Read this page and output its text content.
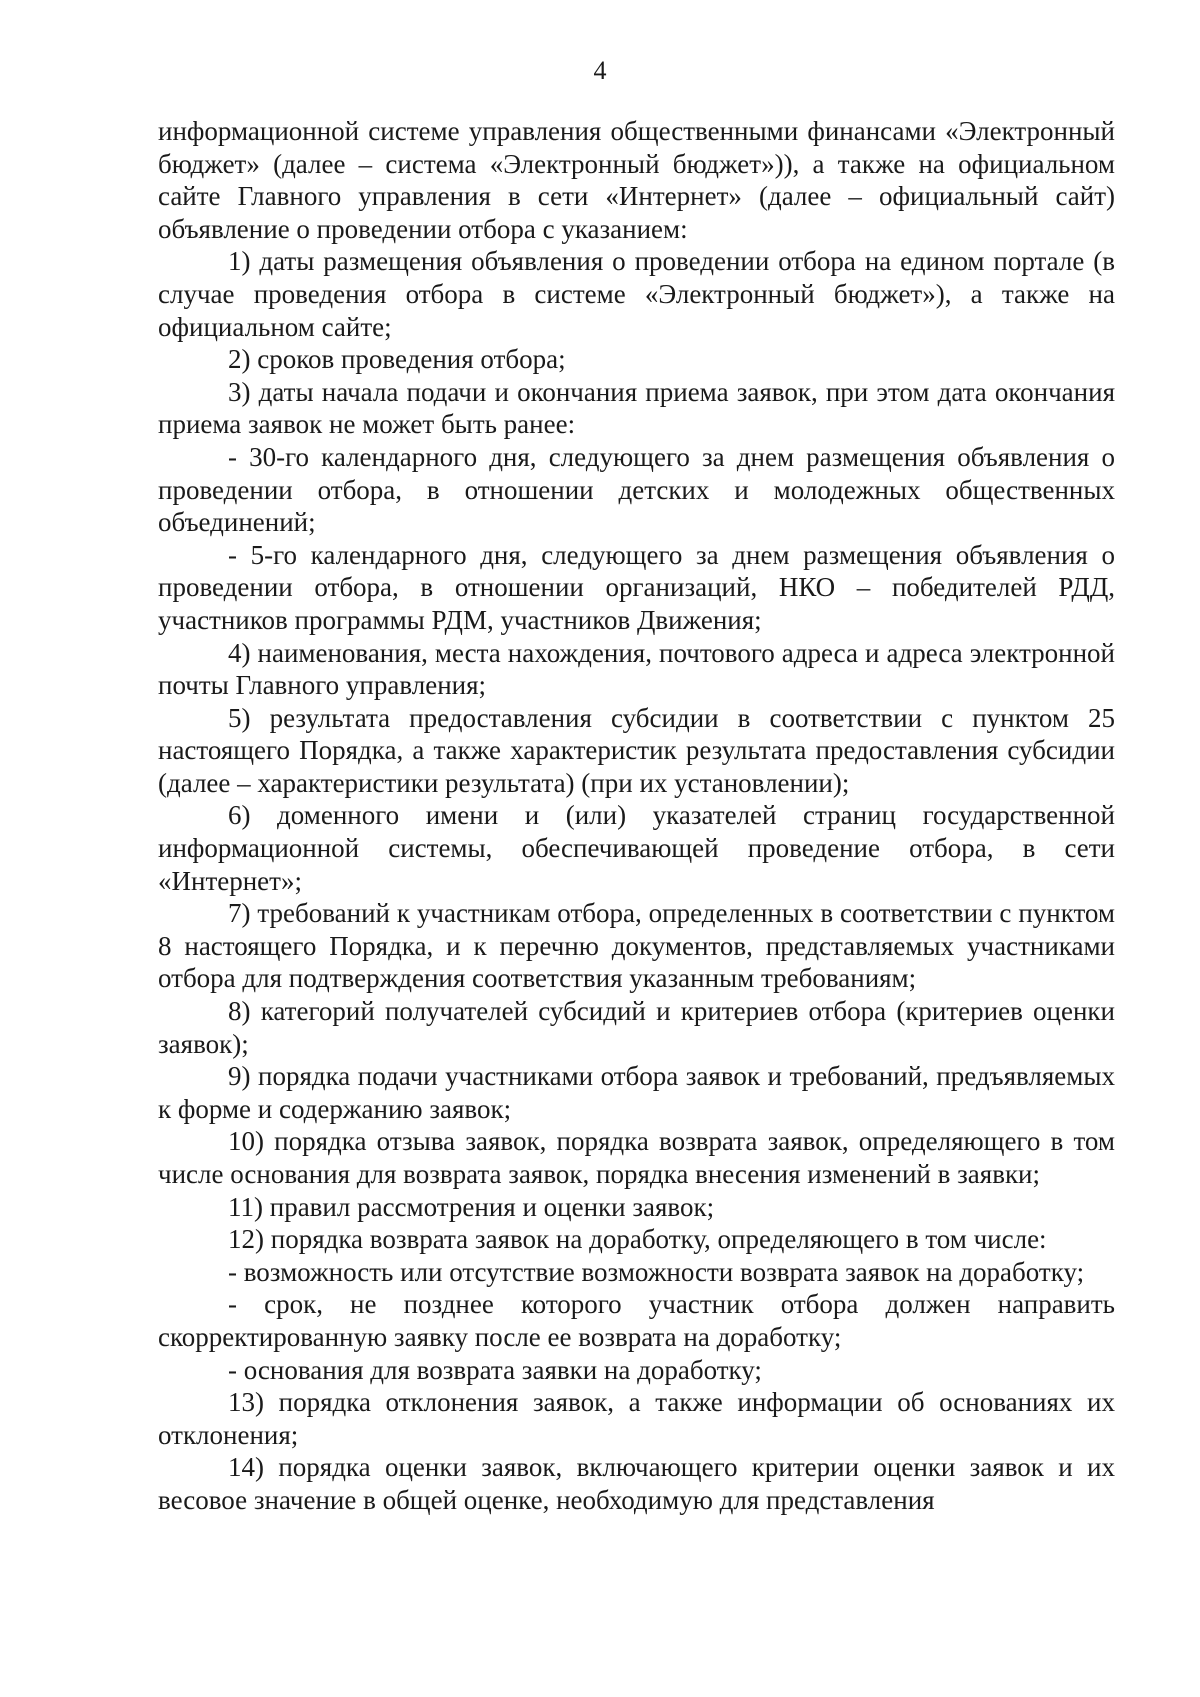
4

информационной системе управления общественными финансами «Электронный бюджет» (далее – система «Электронный бюджет»)), а также на официальном сайте Главного управления в сети «Интернет» (далее – официальный сайт) объявление о проведении отбора с указанием:

1) даты размещения объявления о проведении отбора на едином портале (в случае проведения отбора в системе «Электронный бюджет»), а также на официальном сайте;

2) сроков проведения отбора;

3) даты начала подачи и окончания приема заявок, при этом дата окончания приема заявок не может быть ранее:

- 30-го календарного дня, следующего за днем размещения объявления о проведении отбора, в отношении детских и молодежных общественных объединений;

- 5-го календарного дня, следующего за днем размещения объявления о проведении отбора, в отношении организаций, НКО – победителей РДД, участников программы РДМ, участников Движения;

4) наименования, места нахождения, почтового адреса и адреса электронной почты Главного управления;

5) результата предоставления субсидии в соответствии с пунктом 25 настоящего Порядка, а также характеристик результата предоставления субсидии (далее – характеристики результата) (при их установлении);

6) доменного имени и (или) указателей страниц государственной информационной системы, обеспечивающей проведение отбора, в сети «Интернет»;

7) требований к участникам отбора, определенных в соответствии с пунктом 8 настоящего Порядка, и к перечню документов, представляемых участниками отбора для подтверждения соответствия указанным требованиям;

8) категорий получателей субсидий и критериев отбора (критериев оценки заявок);

9) порядка подачи участниками отбора заявок и требований, предъявляемых к форме и содержанию заявок;

10) порядка отзыва заявок, порядка возврата заявок, определяющего в том числе основания для возврата заявок, порядка внесения изменений в заявки;

11) правил рассмотрения и оценки заявок;

12) порядка возврата заявок на доработку, определяющего в том числе:

- возможность или отсутствие возможности возврата заявок на доработку;

- срок, не позднее которого участник отбора должен направить скорректированную заявку после ее возврата на доработку;

- основания для возврата заявки на доработку;

13) порядка отклонения заявок, а также информации об основаниях их отклонения;

14) порядка оценки заявок, включающего критерии оценки заявок и их весовое значение в общей оценке, необходимую для представления
